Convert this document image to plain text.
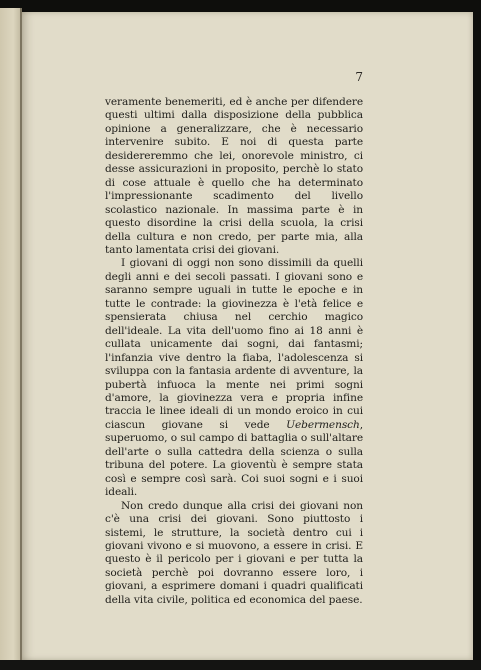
7

veramente benemeriti, ed è anche per difendere questi ultimi dalla disposizione della pubblica opinione a generalizzare, che è necessario intervenire subito. E noi di questa parte desidereremmo che lei, onorevole ministro, ci desse assicurazioni in proposito, perchè lo stato di cose attuale è quello che ha determinato l'impressionante scadimento del livello scolastico nazionale. In massima parte è in questo disordine la crisi della scuola, la crisi della cultura e non credo, per parte mia, alla tanto lamentata crisi dei giovani.

I giovani di oggi non sono dissimili da quelli degli anni e dei secoli passati. I giovani sono e saranno sempre uguali in tutte le epoche e in tutte le contrade: la giovinezza è l'età felice e spensierata chiusa nel cerchio magico dell'ideale. La vita dell'uomo fino ai 18 anni è cullata unicamente dai sogni, dai fantasmi; l'infanzia vive dentro la fiaba, l'adolescenza si sviluppa con la fantasia ardente di avventure, la pubertà infuoca la mente nei primi sogni d'amore, la giovinezza vera e propria infine traccia le linee ideali di un mondo eroico in cui ciascun giovane si vede Uebermensch, superuomo, o sul campo di battaglia o sull'altare dell'arte o sulla cattedra della scienza o sulla tribuna del potere. La gioventù è sempre stata così e sempre così sarà. Coi suoi sogni e i suoi ideali.

Non credo dunque alla crisi dei giovani non c'è una crisi dei giovani. Sono piuttosto i sistemi, le strutture, la società dentro cui i giovani vivono e si muovono, a essere in crisi. E questo è il pericolo per i giovani e per tutta la società perchè poi dovranno essere loro, i giovani, a esprimere domani i quadri qualificati della vita civile, politica ed economica del paese.
